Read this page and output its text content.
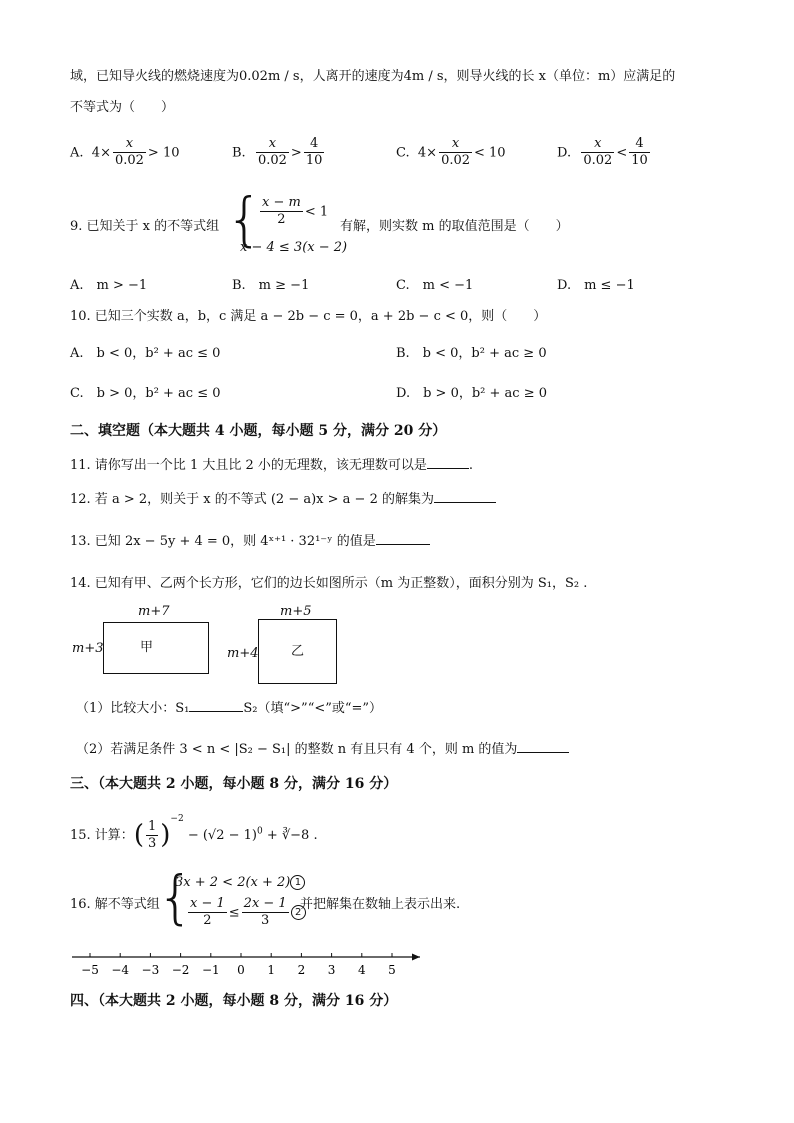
域，已知导火线的燃烧速度为0.02m / s，人离开的速度为4m / s，则导火线的长 x（单位：m）应满足的
不等式为（　　）
A. $4\times \frac{x}{0.02} > 10$	B. $\frac{x}{0.02} > \frac{4}{10}$	C. $4\times \frac{x}{0.02} < 10$	D. $\frac{x}{0.02} < \frac{4}{10}$
9. 已知关于 x 的不等式组 {
$\frac{x - m}{2} < 1$
x − 4 ≤ 3(x − 2)
有解，则实数 m 的取值范围是（　　）
A.　m > −1	B.　m ≥ −1	C.　m < −1	D.　m ≤ −1
10. 已知三个实数 a，b，c 满足 a − 2b − c = 0，a + 2b − c < 0，则（　　）
A.　b < 0，b² + ac ≤ 0	B.　b < 0，b² + ac ≥ 0
C.　b > 0，b² + ac ≤ 0	D.　b > 0，b² + ac ≥ 0
二、填空题（本大题共 4 小题，每小题 5 分，满分 20 分）
11. 请你写出一个比 1 大且比 2 小的无理数，该无理数可以是	.
12. 若 a > 2，则关于 x 的不等式 (2 − a)x > a − 2 的解集为
13. 已知 2x − 5y + 4 = 0，则 4ˣ⁺¹ · 32¹⁻ʸ 的值是
14. 已知有甲、乙两个长方形，它们的边长如图所示（m 为正整数），面积分别为 S₁，S₂ .
m+7
m+3	甲
m+5
m+4	乙
（1）比较大小：S₁	S₂（填“>”“<”或“=”）
（2）若满足条件 3 < n < |S₂ − S₁| 的整数 n 有且只有 4 个，则 m 的值为
三、（本大题共 2 小题，每小题 8 分，满分 16 分）
15. 计算：( $\frac{1}{3} )^{-2} - (√2 - 1)^0$ + ∛−8 .
16. 解不等式组
{
3x + 2 < 2(x + 2) 1
$\frac{x - 1}{2} \le \frac{2x - 1}{3} 2$
并把解集在数轴上表示出来.
−5 −4 −3 −2 −1 0 1 2 3 4 5
四、（本大题共 2 小题，每小题 8 分，满分 16 分）
